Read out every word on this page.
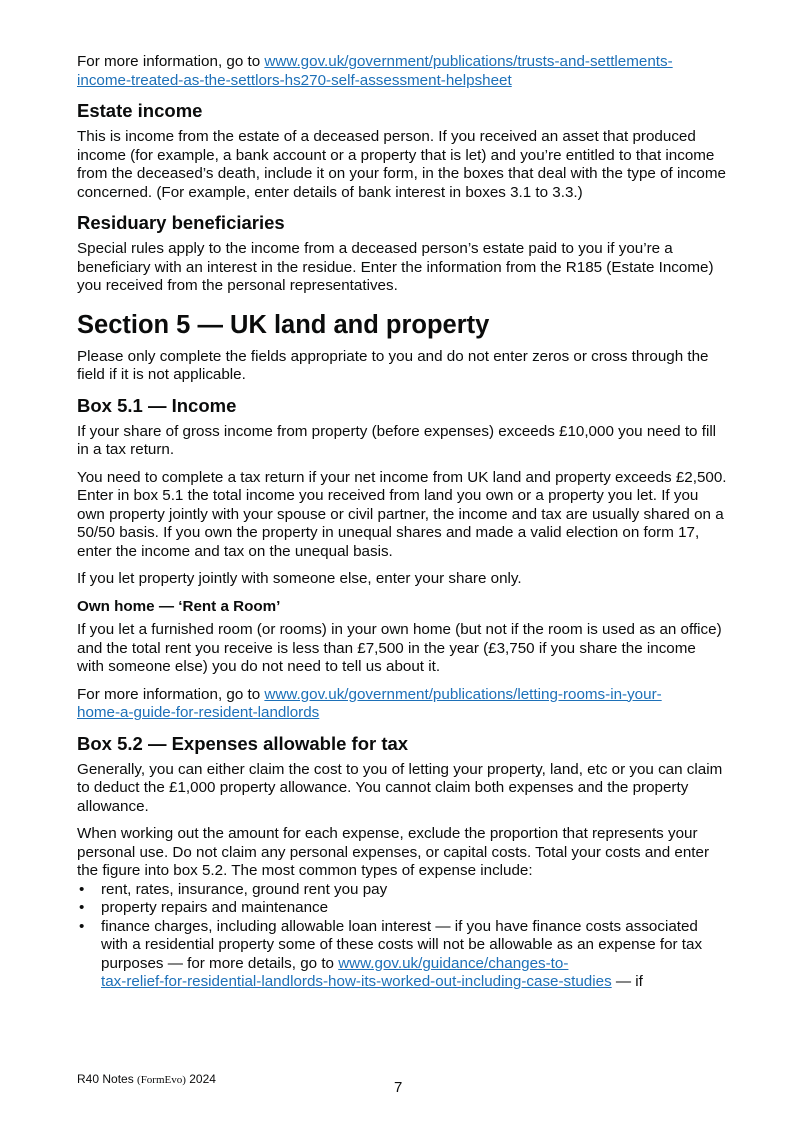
For more information, go to www.gov.uk/government/publications/trusts-and-settlements-
income-treated-as-the-settlors-hs270-self-assessment-helpsheet

Estate income

This is income from the estate of a deceased person. If you received an asset that produced income (for example, a bank account or a property that is let) and you’re entitled to that income from the deceased’s death, include it on your form, in the boxes that deal with the type of income concerned. (For example, enter details of bank interest in boxes 3.1 to 3.3.)

Residuary beneficiaries

Special rules apply to the income from a deceased person’s estate paid to you if you’re a beneficiary with an interest in the residue. Enter the information from the R185 (Estate Income) you received from the personal representatives.

Section 5 — UK land and property

Please only complete the fields appropriate to you and do not enter zeros or cross through the field if it is not applicable.

Box 5.1 — Income

If your share of gross income from property (before expenses) exceeds £10,000 you need to fill in a tax return.

You need to complete a tax return if your net income from UK land and property exceeds £2,500. Enter in box 5.1 the total income you received from land you own or a property you let. If you own property jointly with your spouse or civil partner, the income and tax are usually shared on a 50/50 basis. If you own the property in unequal shares and made a valid election on form 17, enter the income and tax on the unequal basis.

If you let property jointly with someone else, enter your share only.

Own home — ‘Rent a Room’

If you let a furnished room (or rooms) in your own home (but not if the room is used as an office) and the total rent you receive is less than £7,500 in the year (£3,750 if you share the income with someone else) you do not need to tell us about it.

For more information, go to www.gov.uk/government/publications/letting-rooms-in-your-
home-a-guide-for-resident-landlords

Box 5.2 — Expenses allowable for tax

Generally, you can either claim the cost to you of letting your property, land, etc or you can claim to deduct the £1,000 property allowance. You cannot claim both expenses and the property allowance.

When working out the amount for each expense, exclude the proportion that represents your personal use. Do not claim any personal expenses, or capital costs. Total your costs and enter the figure into box 5.2. The most common types of expense include:

• rent, rates, insurance, ground rent you pay
• property repairs and maintenance
• finance charges, including allowable loan interest — if you have finance costs associated with a residential property some of these costs will not be allowable as an expense for tax purposes — for more details, go to www.gov.uk/guidance/changes-to-
tax-relief-for-residential-landlords-how-its-worked-out-including-case-studies — if
R40 Notes (FormEvo) 2024	7
